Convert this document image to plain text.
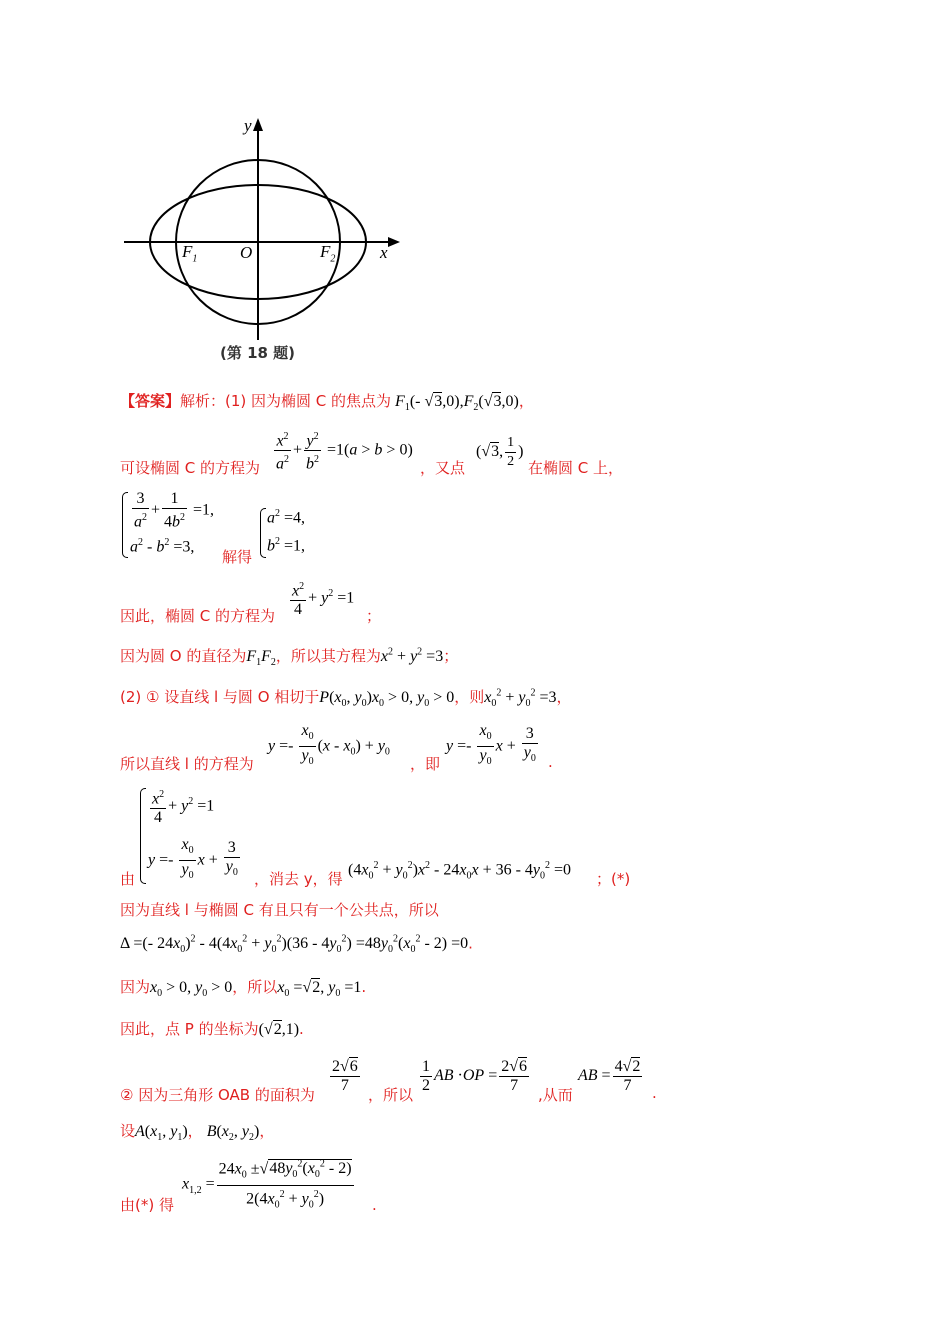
y
x
O
$F_1$	$F_2$
(第 18 题)
【答案】解析：(1) 因为椭圆 C 的焦点为 $F_1(-$ $√3,0),F_2(√3,0)$，
可设椭圆 C 的方程为 $\frac{x^2}{a^2} + \frac{y^2}{b^2} =1(a > b > 0)$
，又点
(√3, $\frac{1}{2}$ )
在椭圆 C 上，
$\frac{3}{a^2} + \frac{1}{4b^2} =1$,
$a^2 - b^2 =3$,
解得
$a^2 =4$,
$b^2 =1$,
因此，椭圆 C 的方程为 $\frac{x^2}{4} + y^2 =1$
；
因为圆 O 的直径为$F_1F_2$，所以其方程为$x^2 + y^2 =3$；
(2) ① 设直线 l 与圆 O 相切于$P(x_0$, $y_0)x_0 > 0$, $y_0 > 0$，则$x_0^2 + y_0^2 =3$，
所以直线 l 的方程为
$y =- \frac{x_0}{y_0} (x - x_0) + y_0$
，即
$y =- \frac{x_0}{y_0}$ $x + \frac{3}{y_0}$ .
由
$\frac{x^2}{4} + y^2 =1$
$y =- \frac{x_0}{y_0}$ $x + \frac{3}{y_0}$ ，消去 y，得
$(4x_0^2 + y_0^2)x^2 - 24x_0x + 36 - 4y_0^2 =0$
；(*)
因为直线 l 与椭圆 C 有且只有一个公共点，所以
Δ =(- $24x_0)^2 - 4(4x_0^2 + y_0^2)(36 - 4y_0^2) =48y_0^2(x_0^2 - 2) =0$.
因为$x_0 > 0$, $y_0 > 0$，所以$x_0 =√2$, $y_0 =1$.
因此，点 P 的坐标为(√2,1).
② 因为三角形 OAB 的面积为 $\frac{2√6}{7}$ ，所以 $\frac{1}{2}$ AB $\cdot OP = \frac{2√6}{7}$ ,从而
AB = $\frac{4√2}{7}$ .
设$A(x_1$, $y_1$)， $B(x_2$, $y_2$)，
由(*) 得
$x_{1,2} = \frac{24x_0 \pm√48y_0^2(x_0^2 - 2)}{2(4x_0^2 + y_0^2)}$ .
